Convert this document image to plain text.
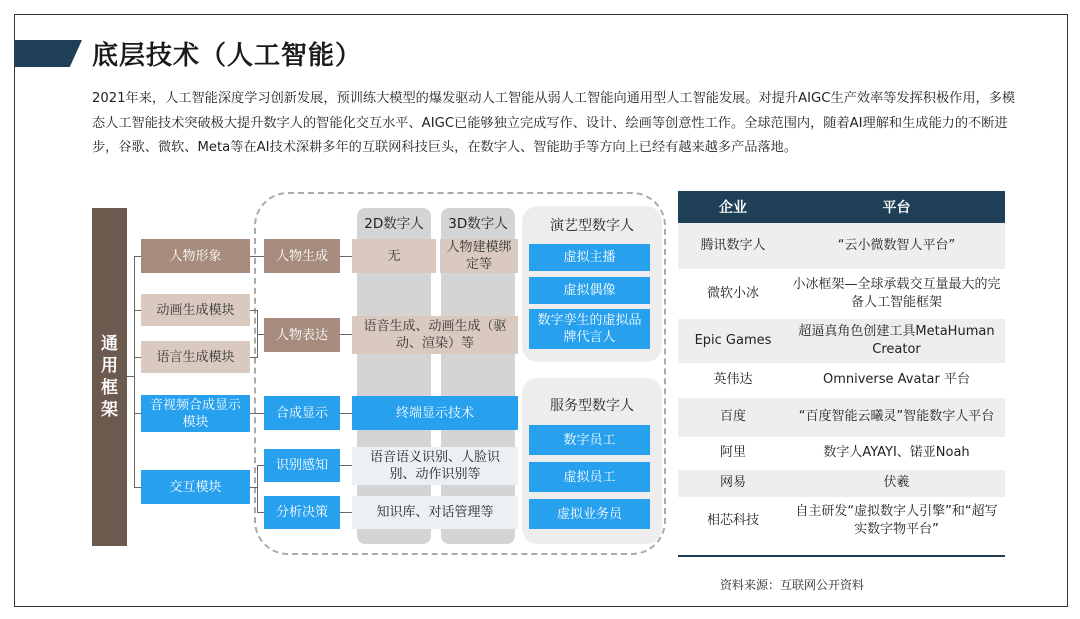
底层技术（人工智能）
2021年来，人工智能深度学习创新发展，预训练大模型的爆发驱动人工智能从弱人工智能向通用型人工智能发展。对提升AIGC生产效率等发挥积极作用，多模态人工智能技术突破极大提升数字人的智能化交互水平、AIGC已能够独立完成写作、设计、绘画等创意性工作。全球范围内，随着AI理解和生成能力的不断进步，谷歌、微软、Meta等在AI技术深耕多年的互联网科技巨头，在数字人、智能助手等方向上已经有越来越多产品落地。
2D数字人	3D数字人	演艺型数字人
服务型数字人
通用框架
人物形象
动画生成模块
语言生成模块
音视频合成显示模块
交互模块
人物生成
人物表达
合成显示
识别感知
分析决策
无
人物建模绑定等
语音生成、动画生成（驱动、渲染）等
终端显示技术
语音语义识别、人脸识别、动作识别等
知识库、对话管理等
虚拟主播
虚拟偶像
数字孪生的虚拟品牌代言人
数字员工
虚拟员工
虚拟业务员
企业	平台
腾讯数字人	“云小微数智人平台”
微软小冰	小冰框架—全球承载交互量最大的完备人工智能框架
Epic Games	超逼真角色创建工具MetaHuman Creator
英伟达	Omniverse Avatar 平台
百度	“百度智能云曦灵”智能数字人平台
阿里	数字人AYAYI、锘亚Noah
网易	伏羲
相芯科技	自主研发“虚拟数字人引擎”和“超写实数字物平台”
资料来源：互联网公开资料
